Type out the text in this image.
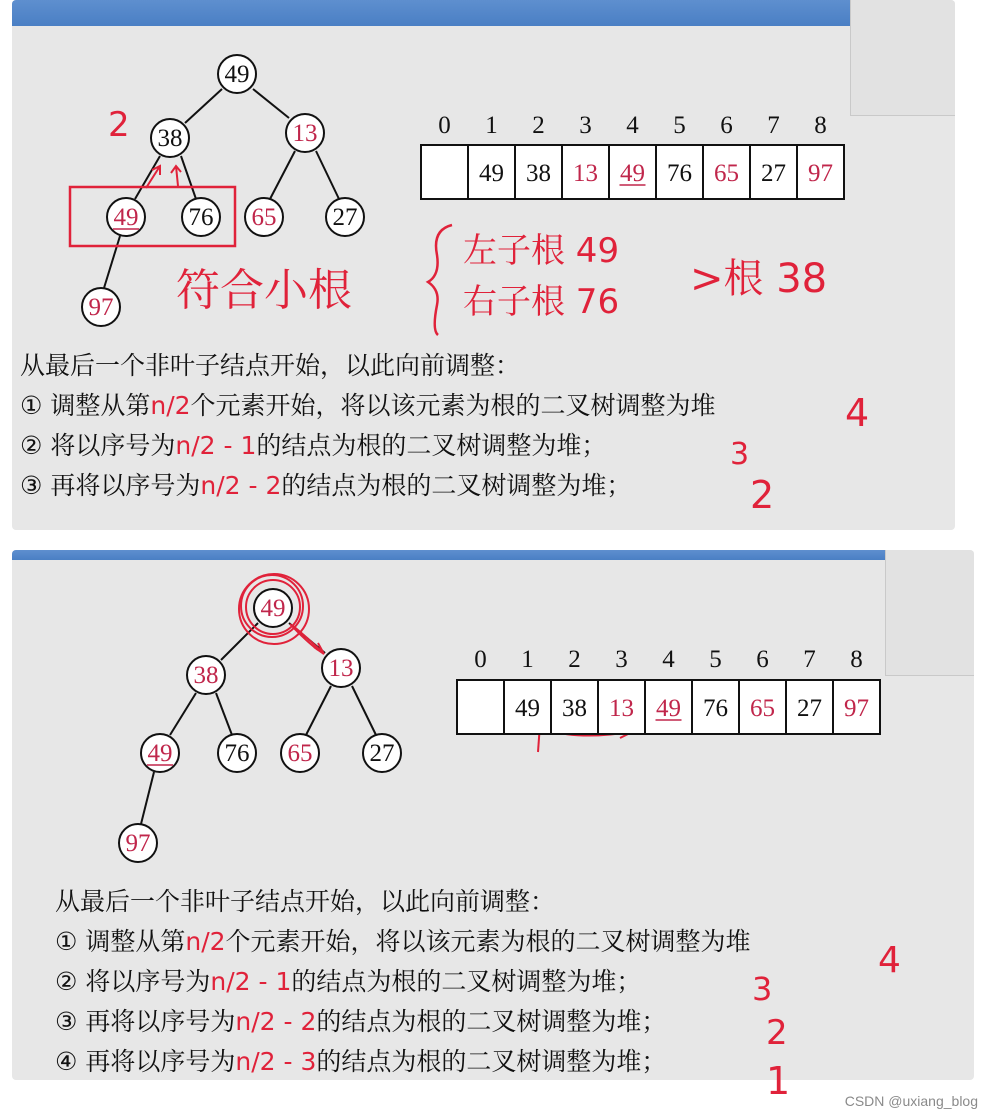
49
38	13
49 76 65 27
97
0 1 2 3 4 5 6 7 8
49 38 13 49 76 65 27 97
2
符合小根
左子根 49
右子根 76 >根 38
4
3
2
从最后一个非叶子结点开始，以此向前调整：
① 调整从第n/2个元素开始，将以该元素为根的二叉树调整为堆
② 将以序号为n/2 - 1的结点为根的二叉树调整为堆；
③ 再将以序号为n/2 - 2的结点为根的二叉树调整为堆；
49
38	13
49 76 65 27
97
0 1 2 3 4 5 6 7 8
49 38 13 49 76 65 27 97
4
3
2
1
从最后一个非叶子结点开始，以此向前调整：
① 调整从第n/2个元素开始，将以该元素为根的二叉树调整为堆
② 将以序号为n/2 - 1的结点为根的二叉树调整为堆；
③ 再将以序号为n/2 - 2的结点为根的二叉树调整为堆；
④ 再将以序号为n/2 - 3的结点为根的二叉树调整为堆；
CSDN @uxiang_blog
